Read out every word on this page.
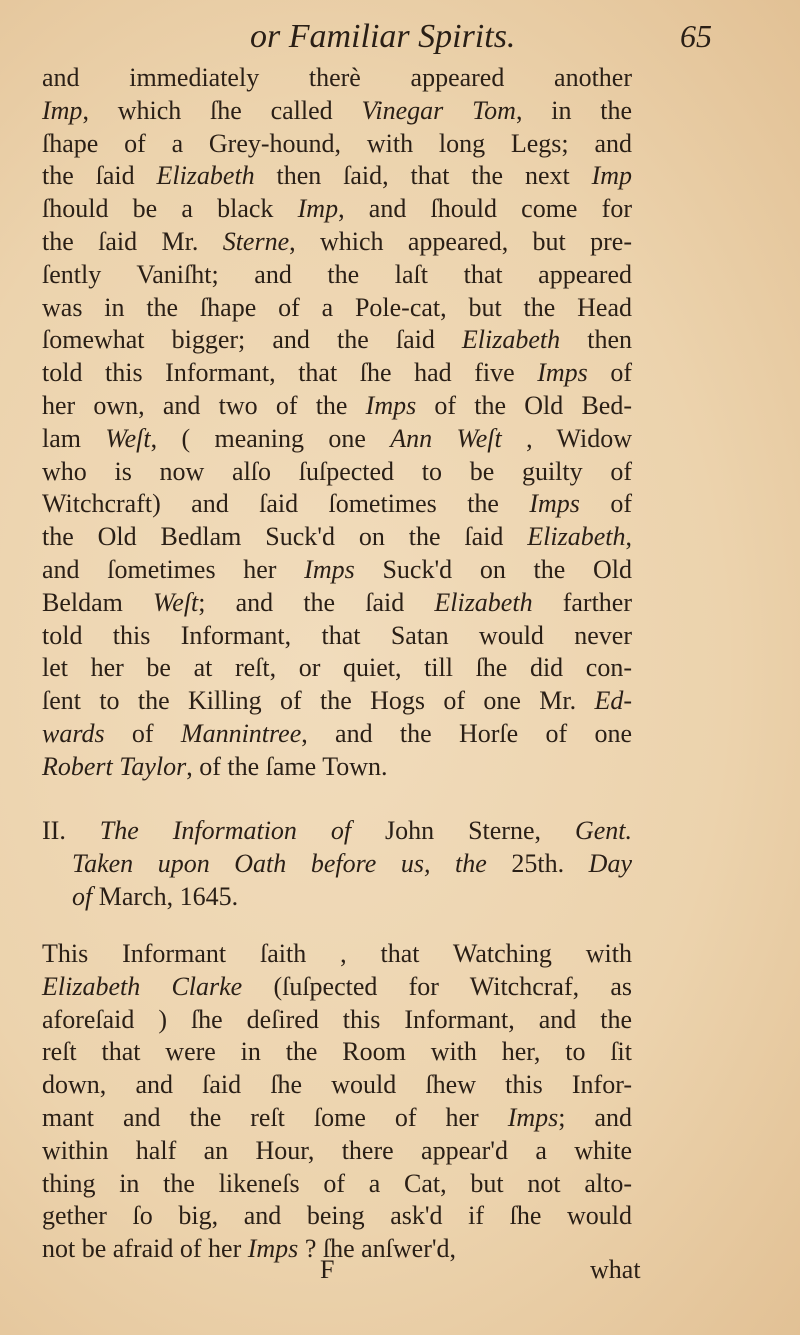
or Familiar Spirits.	65
and immediately therè appeared another
Imp, which ſhe called Vinegar Tom, in the
ſhape of a Grey-hound, with long Legs; and
the ſaid Elizabeth then ſaid, that the next Imp
ſhould be a black Imp, and ſhould come for
the ſaid Mr. Sterne, which appeared, but pre-
ſently Vaniſht; and the laſt that appeared
was in the ſhape of a Pole-cat, but the Head
ſomewhat bigger; and the ſaid Elizabeth then
told this Informant, that ſhe had five Imps of
her own, and two of the Imps of the Old Bed-
lam Weſt, ( meaning one Ann Weſt , Widow
who is now alſo ſuſpected to be guilty of
Witchcraft) and ſaid ſometimes the Imps of
the Old Bedlam Suck'd on the ſaid Elizabeth,
and ſometimes her Imps Suck'd on the Old
Beldam Weſt; and the ſaid Elizabeth farther
told this Informant, that Satan would never
let her be at reſt, or quiet, till ſhe did con-
ſent to the Killing of the Hogs of one Mr. Ed-
wards of Mannintree, and the Horſe of one
Robert Taylor, of the ſame Town.
II. The Information of John Sterne, Gent.
Taken upon Oath before us, the 25th. Day
of March, 1645.
This Informant ſaith , that Watching with
Elizabeth Clarke (ſuſpected for Witchcraf, as
aforeſaid ) ſhe deſired this Informant, and the
reſt that were in the Room with her, to ſit
down, and ſaid ſhe would ſhew this Infor-
mant and the reſt ſome of her Imps; and
within half an Hour, there appear'd a white
thing in the likeneſs of a Cat, but not alto-
gether ſo big, and being ask'd if ſhe would
not be afraid of her Imps ? ſhe anſwer'd,
F	what
